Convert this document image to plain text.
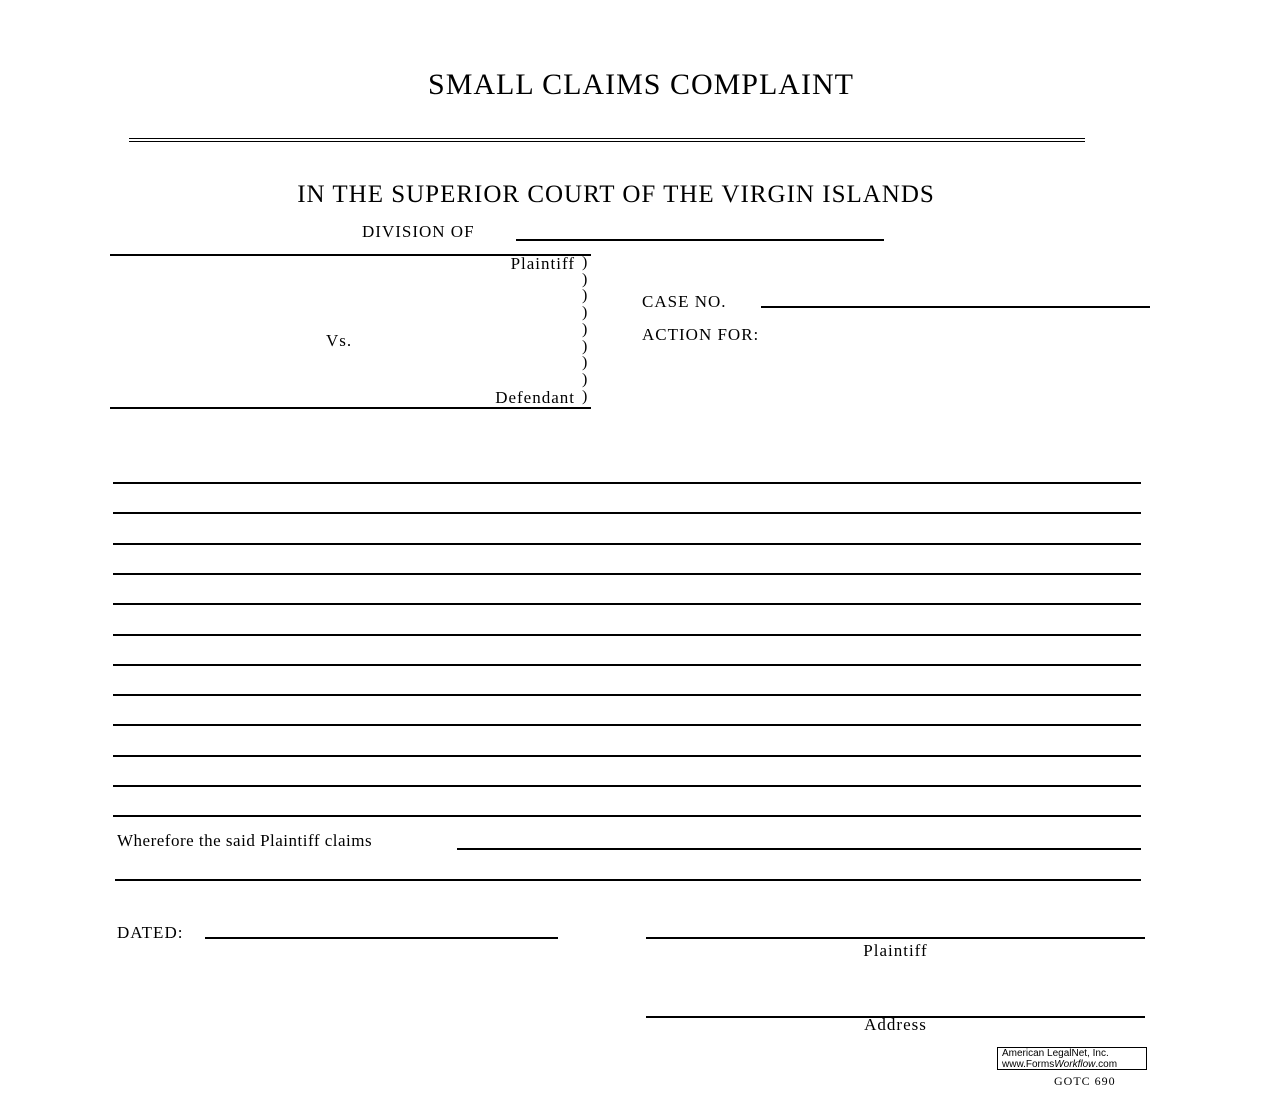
SMALL CLAIMS COMPLAINT
IN THE SUPERIOR COURT OF THE VIRGIN ISLANDS
DIVISION OF
Plaintiff
Vs.
Defendant
)
)
)
)
)
)
)
)
)
CASE NO.
ACTION FOR:
Wherefore the said Plaintiff claims
DATED:
Plaintiff
Address
American LegalNet, Inc.
www.FormsWorkflow.com
GOTC 690
